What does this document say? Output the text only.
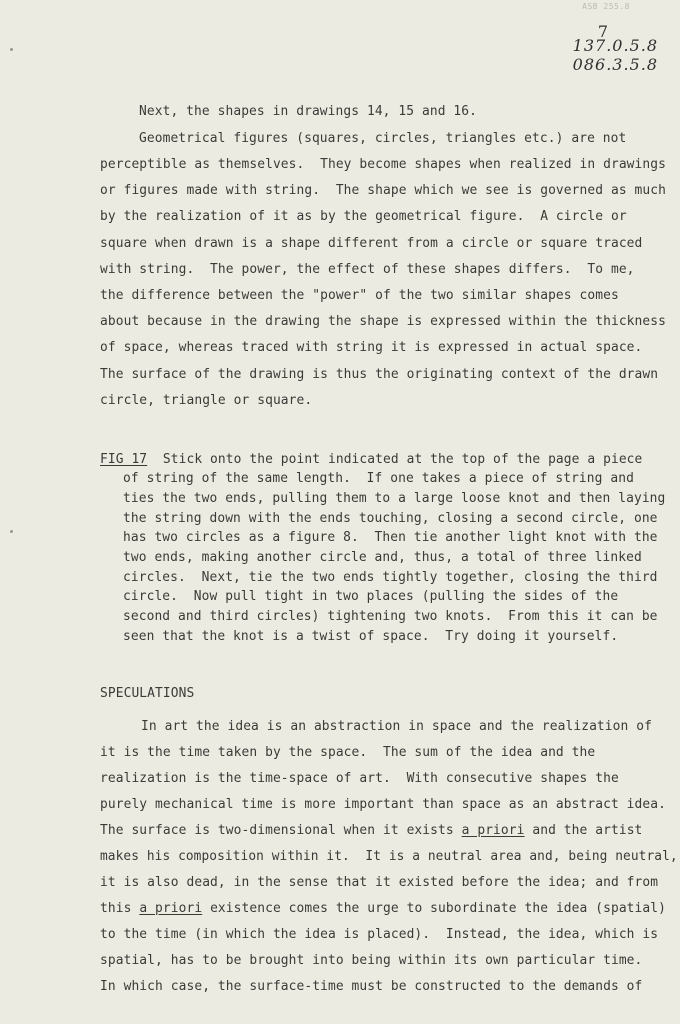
ASB 255.8
7
137.0.5.8
086.3.5.8
Next, the shapes in drawings 14, 15 and 16.
Geometrical figures (squares, circles, triangles etc.) are not
perceptible as themselves.  They become shapes when realized in drawings
or figures made with string.  The shape which we see is governed as much
by the realization of it as by the geometrical figure.  A circle or
square when drawn is a shape different from a circle or square traced
with string.  The power, the effect of these shapes differs.  To me,
the difference between the "power" of the two similar shapes comes
about because in the drawing the shape is expressed within the thickness
of space, whereas traced with string it is expressed in actual space.
The surface of the drawing is thus the originating context of the drawn
circle, triangle or square.
FIG 17  Stick onto the point indicated at the top of the page a piece
of string of the same length.  If one takes a piece of string and
ties the two ends, pulling them to a large loose knot and then laying
the string down with the ends touching, closing a second circle, one
has two circles as a figure 8.  Then tie another light knot with the
two ends, making another circle and, thus, a total of three linked
circles.  Next, tie the two ends tightly together, closing the third
circle.  Now pull tight in two places (pulling the sides of the
second and third circles) tightening two knots.  From this it can be
seen that the knot is a twist of space.  Try doing it yourself.
SPECULATIONS
In art the idea is an abstraction in space and the realization of
it is the time taken by the space.  The sum of the idea and the
realization is the time-space of art.  With consecutive shapes the
purely mechanical time is more important than space as an abstract idea.
The surface is two-dimensional when it exists a priori and the artist
makes his composition within it.  It is a neutral area and, being neutral,
it is also dead, in the sense that it existed before the idea; and from
this a priori existence comes the urge to subordinate the idea (spatial)
to the time (in which the idea is placed).  Instead, the idea, which is
spatial, has to be brought into being within its own particular time.
In which case, the surface-time must be constructed to the demands of
